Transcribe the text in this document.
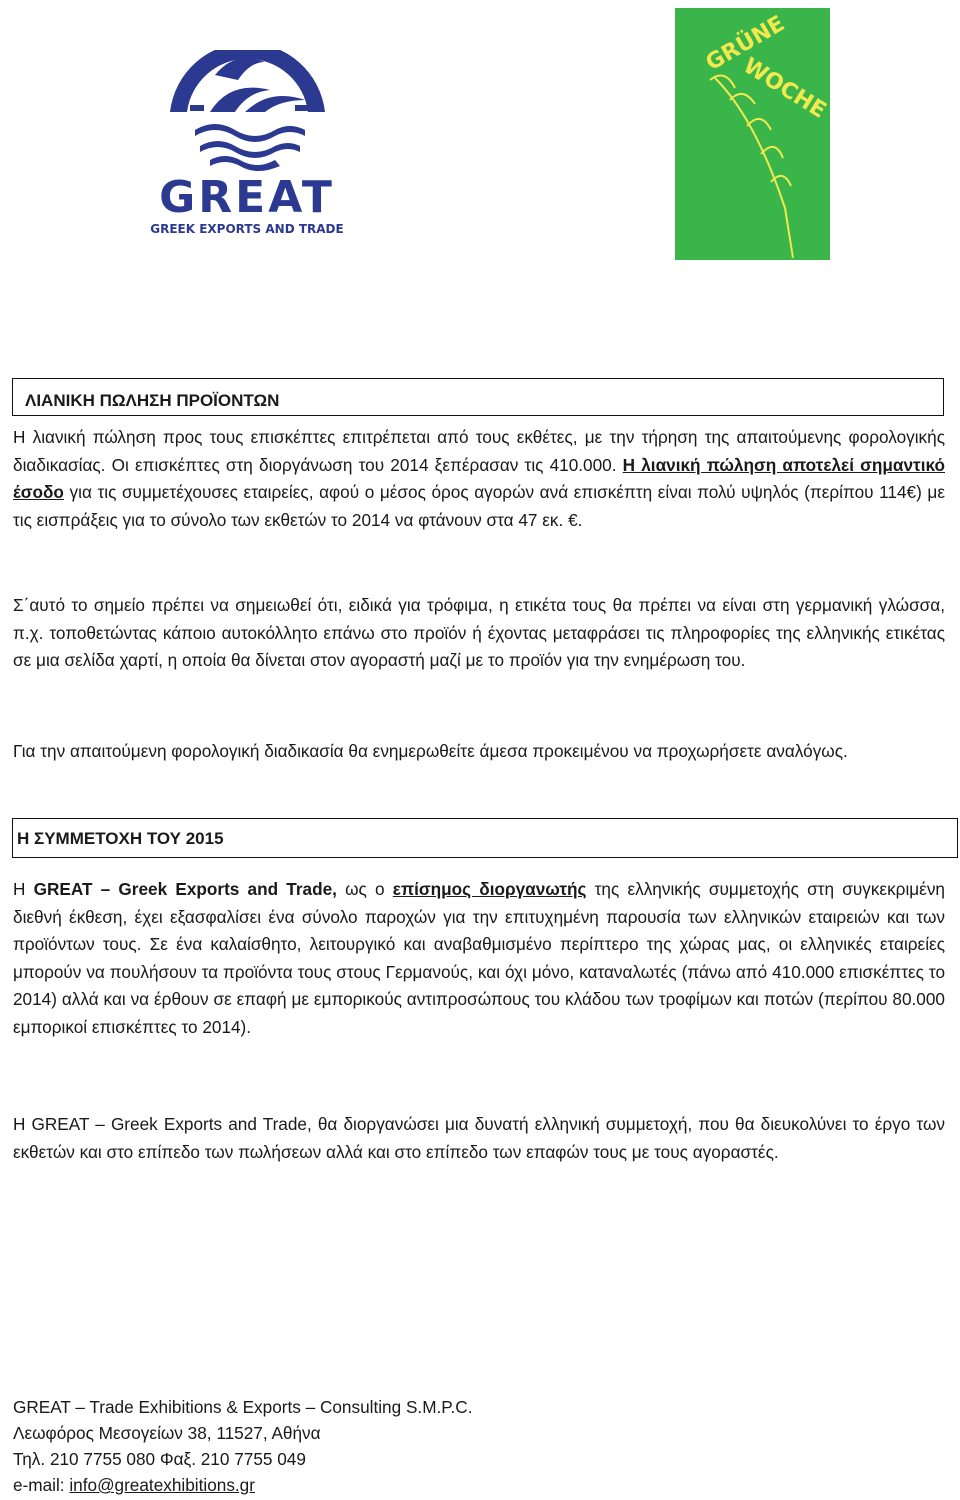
GREAT
GREEK EXPORTS AND TRADE
GRÜNE
WOCHE
ΛΙΑΝΙΚΗ ΠΩΛΗΣΗ ΠΡΟΪΟΝΤΩΝ

Η λιανική πώληση προς τους επισκέπτες επιτρέπεται από τους εκθέτες, με την τήρηση της απαιτούμενης φορολογικής διαδικασίας. Οι επισκέπτες στη διοργάνωση του 2014 ξεπέρασαν τις 410.000. Η λιανική πώληση αποτελεί σημαντικό έσοδο για τις συμμετέχουσες εταιρείες, αφού ο μέσος όρος αγορών ανά επισκέπτη είναι πολύ υψηλός (περίπου 114€) με τις εισπράξεις για το σύνολο των εκθετών το 2014 να φτάνουν στα 47 εκ. €.

Σ΄αυτό το σημείο πρέπει να σημειωθεί ότι, ειδικά για τρόφιμα, η ετικέτα τους θα πρέπει να είναι στη γερμανική γλώσσα, π.χ. τοποθετώντας κάποιο αυτοκόλλητο επάνω στο προϊόν ή έχοντας μεταφράσει τις πληροφορίες της ελληνικής ετικέτας σε μια σελίδα χαρτί, η οποία θα δίνεται στον αγοραστή μαζί με το προϊόν για την ενημέρωση του.

Για την απαιτούμενη φορολογική διαδικασία θα ενημερωθείτε άμεσα προκειμένου να προχωρήσετε αναλόγως.

Η ΣΥΜΜΕΤΟΧΗ ΤΟΥ 2015

Η GREAT – Greek Exports and Trade, ως ο επίσημος διοργανωτής της ελληνικής συμμετοχής στη συγκεκριμένη διεθνή έκθεση, έχει εξασφαλίσει ένα σύνολο παροχών για την επιτυχημένη παρουσία των ελληνικών εταιρειών και των προϊόντων τους. Σε ένα καλαίσθητο, λειτουργικό και αναβαθμισμένο περίπτερο της χώρας μας, οι ελληνικές εταιρείες μπορούν να πουλήσουν τα προϊόντα τους στους Γερμανούς, και όχι μόνο, καταναλωτές (πάνω από 410.000 επισκέπτες το 2014) αλλά και να έρθουν σε επαφή με εμπορικούς αντιπροσώπους του κλάδου των τροφίμων και ποτών (περίπου 80.000 εμπορικοί επισκέπτες το 2014).

Η GREAT – Greek Exports and Trade, θα διοργανώσει μια δυνατή ελληνική συμμετοχή, που θα διευκολύνει το έργο των εκθετών και στο επίπεδο των πωλήσεων αλλά και στο επίπεδο των επαφών τους με τους αγοραστές.

GREAT – Trade Exhibitions & Exports – Consulting S.M.P.C.
Λεωφόρος Μεσογείων 38, 11527, Αθήνα
Τηλ. 210 7755 080 Φαξ. 210 7755 049
e-mail: info@greatexhibitions.gr
